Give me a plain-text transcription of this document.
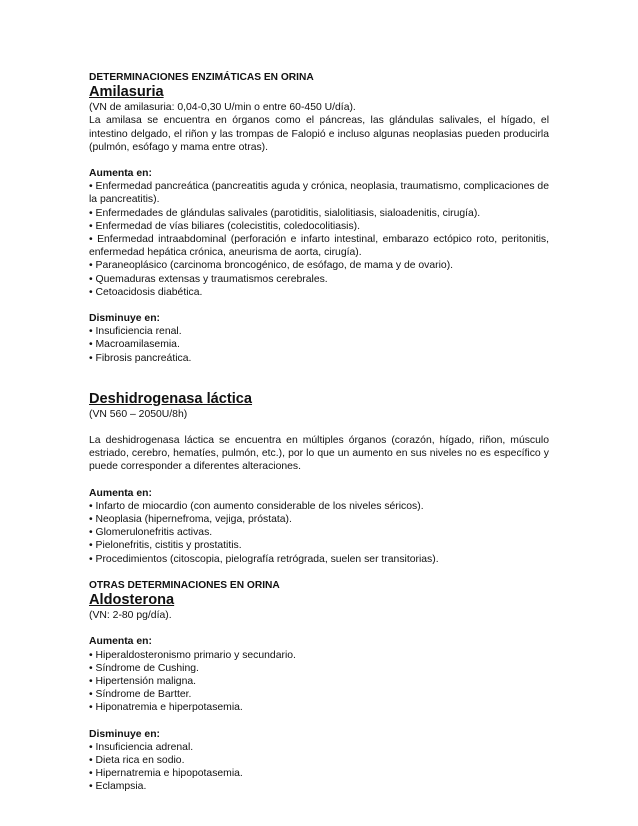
DETERMINACIONES ENZIMÁTICAS EN ORINA

Amilasuria

(VN de amilasuria: 0,04-0,30 U/min o entre 60-450 U/día).

La amilasa se encuentra en órganos como el páncreas, las glándulas salivales, el hígado, el intestino delgado, el riñon y las trompas de Falopió e incluso algunas neoplasias pueden producirla (pulmón, esófago y mama entre otras).

Aumenta en:

• Enfermedad pancreática (pancreatitis aguda y crónica, neoplasia, traumatismo, complicaciones de la pancreatitis).
• Enfermedades de glándulas salivales (parotiditis, sialolitiasis, sialoadenitis, cirugía).
• Enfermedad de vías biliares (colecistitis, coledocolitiasis).
• Enfermedad intraabdominal (perforación e infarto intestinal, embarazo ectópico roto, peritonitis, enfermedad hepática crónica, aneurisma de aorta, cirugía).
• Paraneoplásico (carcinoma broncogénico, de esófago, de mama y de ovario).
• Quemaduras extensas y traumatismos cerebrales.
• Cetoacidosis diabética.

Disminuye en:

• Insuficiencia renal.
• Macroamilasemia.
• Fibrosis pancreática.

Deshidrogenasa láctica

(VN 560 – 2050U/8h)

La deshidrogenasa láctica se encuentra en múltiples órganos (corazón, hígado, riñon, músculo estriado, cerebro, hematíes, pulmón, etc.), por lo que un aumento en sus niveles no es específico y puede corresponder a diferentes alteraciones.

Aumenta en:

• Infarto de miocardio (con aumento considerable de los niveles séricos).
• Neoplasia (hipernefroma, vejiga, próstata).
• Glomerulonefritis activas.
• Pielonefritis, cistitis y prostatitis.
• Procedimientos (citoscopia, pielografía retrógrada, suelen ser transitorias).

OTRAS DETERMINACIONES EN ORINA

Aldosterona

(VN: 2-80 pg/día).

Aumenta en:

• Hiperaldosteronismo primario y secundario.
• Síndrome de Cushing.
• Hipertensión maligna.
• Síndrome de Bartter.
• Hiponatremia e hiperpotasemia.

Disminuye en:

• Insuficiencia adrenal.
• Dieta rica en sodio.
• Hipernatremia e hipopotasemia.
• Eclampsia.
